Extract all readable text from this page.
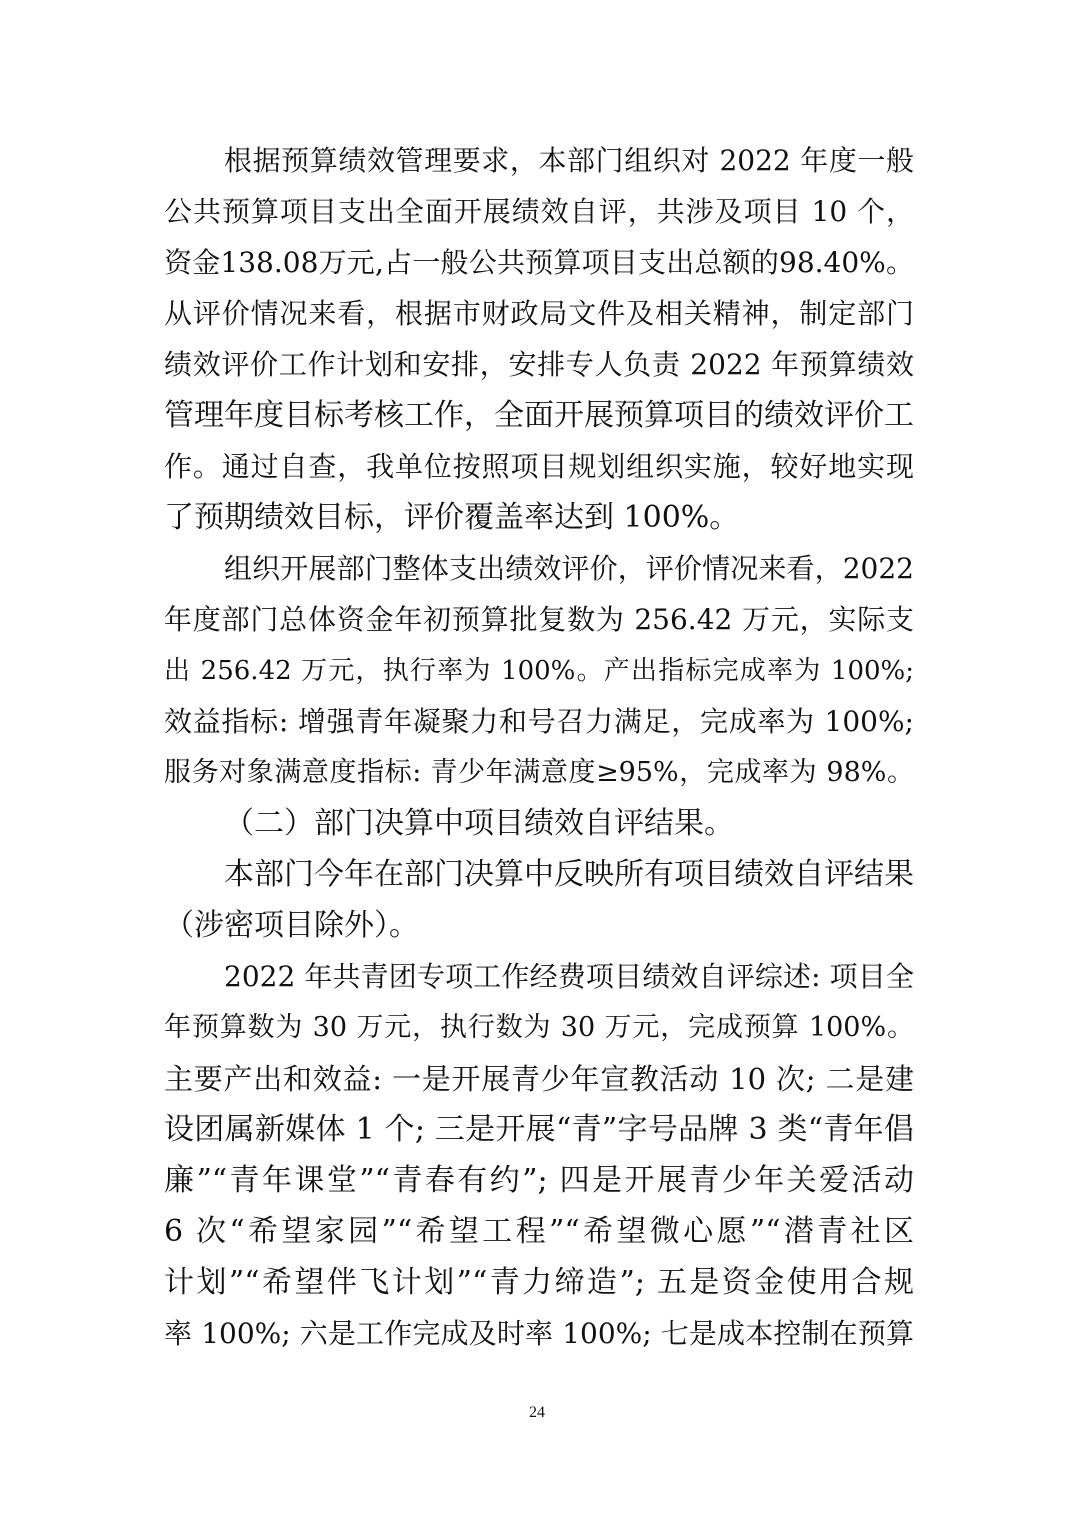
根据预算绩效管理要求，本部门组织对 2022 年度一般
公共预算项目支出全面开展绩效自评，共涉及项目 10 个，
资金138.08万元,占一般公共预算项目支出总额的98.40%。
从评价情况来看，根据市财政局文件及相关精神，制定部门
绩效评价工作计划和安排，安排专人负责 2022 年预算绩效
管理年度目标考核工作，全面开展预算项目的绩效评价工
作。通过自查，我单位按照项目规划组织实施，较好地实现
了预期绩效目标，评价覆盖率达到 100%。
组织开展部门整体支出绩效评价，评价情况来看，2022
年度部门总体资金年初预算批复数为 256.42 万元，实际支
出 256.42 万元，执行率为 100%。产出指标完成率为 100%;
效益指标: 增强青年凝聚力和号召力满足，完成率为 100%;
服务对象满意度指标: 青少年满意度≥95%，完成率为 98%。
（二）部门决算中项目绩效自评结果。
本部门今年在部门决算中反映所有项目绩效自评结果
（涉密项目除外）。
2022 年共青团专项工作经费项目绩效自评综述: 项目全
年预算数为 30 万元，执行数为 30 万元，完成预算 100%。
主要产出和效益: 一是开展青少年宣教活动 10 次; 二是建
设团属新媒体 1 个; 三是开展“青”字号品牌 3 类“青年倡
廉”“青年课堂”“青春有约”; 四是开展青少年关爱活动
6 次“希望家园”“希望工程”“希望微心愿”“潜青社区
计划”“希望伴飞计划”“青力缔造”; 五是资金使用合规
率 100%; 六是工作完成及时率 100%; 七是成本控制在预算
24
